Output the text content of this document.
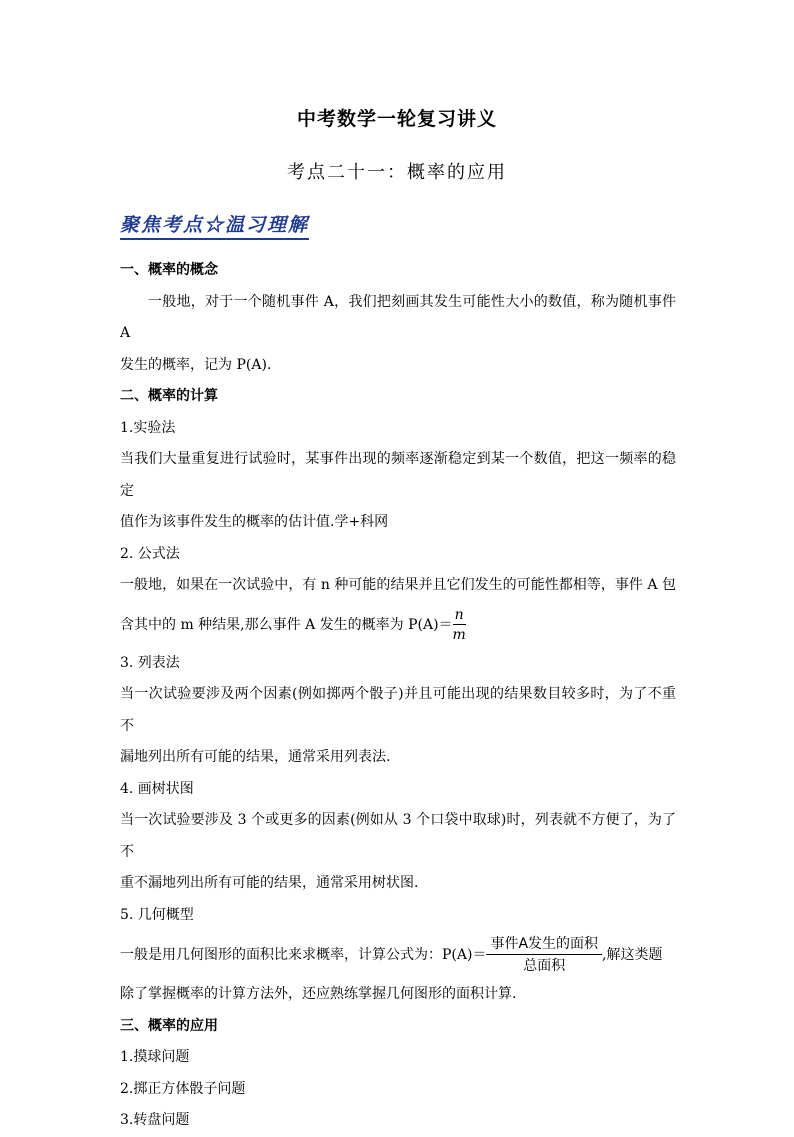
中考数学一轮复习讲义
考点二十一：概率的应用
聚焦考点☆温习理解

一、概率的概念

一般地，对于一个随机事件 A，我们把刻画其发生可能性大小的数值，称为随机事件 A

发生的概率，记为 P(A).

二、概率的计算

1.实验法

当我们大量重复进行试验时，某事件出现的频率逐渐稳定到某一个数值，把这一频率的稳定

值作为该事件发生的概率的估计值.学+科网

2. 公式法

一般地，如果在一次试验中，有 n 种可能的结果并且它们发生的可能性都相等，事件 A 包

含其中的 m 种结果,那么事件 A 发生的概率为 $P(A)= \frac{n}{m}$

3. 列表法

当一次试验要涉及两个因素(例如掷两个骰子)并且可能出现的结果数目较多时，为了不重不

漏地列出所有可能的结果，通常采用列表法.

4. 画树状图

当一次试验要涉及 3 个或更多的因素(例如从 3 个口袋中取球)时，列表就不方便了，为了不

重不漏地列出所有可能的结果，通常采用树状图.

5. 几何概型

一般是用几何图形的面积比来求概率，计算公式为：$P(A)= \frac{\text{事件A发生的面积}}{\text{总面积}}$ ,解这类题

除了掌握概率的计算方法外，还应熟练掌握几何图形的面积计算.

三、概率的应用

1.摸球问题

2.掷正方体骰子问题

3.转盘问题
